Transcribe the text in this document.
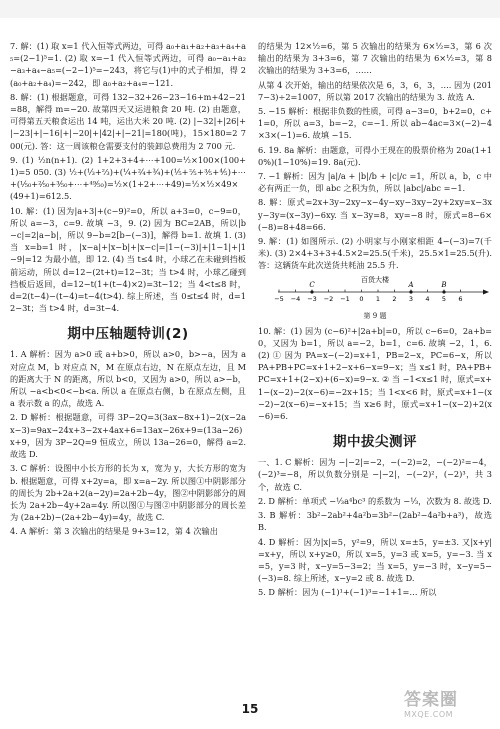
7. 解：(1) 取 x=1 代入恒等式两边，可得 a₀+a₁+a₂+a₃+a₄+a₅=(2−1)⁵=1. (2) 取 x=−1 代入恒等式两边，可得 a₀−a₁+a₂−a₃+a₄−a₅=(−2−1)⁵=−243，将它与(1)中的式子相加，得 2(a₀+a₂+a₄)=−242，即 a₀+a₂+a₄=−121.

8. 解：(1) 根据题意，可得 132−32+26−23−16+m+42−21=88，解得 m=−20. 故第四天又运进粮食 20 吨. (2) 由题意，可得第五天粮食运出 14 吨，运出大米 20 吨. (2) |−32|+|26|+|−23|+|−16|+|−20|+|42|+|−21|=180(吨)，15×180=2 700(元). 答：这一周该粮仓需要支付的装卸总费用为 2 700 元.

9. (1) ½n(n+1). (2) 1+2+3+4+⋯+100=½×100×(100+1)=5 050. (3) ½+(⅓+⅔)+(¼+²⁄₄+¾)+(⅕+⅖+⅗+⅘)+⋯+(¹⁄₅₀+²⁄₅₀+³⁄₅₀+⋯+⁴⁹⁄₅₀)=½×(1+2+⋯+49)=½×½×49×(49+1)=612.5.

10. 解：(1) 因为|a+3|+(c−9)²=0，所以 a+3=0，c−9=0，所以 a=−3，c=9. 故填 −3，9. (2) 因为 BC=2AB，所以|b−c|=2|a−b|，所以 9−b=2[b−(−3)]，解得 b=1. 故填 1. (3) 当 x=b=1 时，|x−a|+|x−b|+|x−c|=|1−(−3)|+|1−1|+|1−9|=12 为最小值，即 12. (4) 当 t≤4 时，小球乙在未碰到挡板前运动，所以 d=12−(2t+t)=12−3t；当 t>4 时，小球乙碰到挡板后返回，d=12−t(1+(t−4)×2)=3t−12；当 4<t≤8 时，d=2(t−4)−(t−4)=t−4(t>4). 综上所述，当 0≤t≤4 时，d=12−3t；当 t>4 时，d=3t−4.

期中压轴题特训(2)

1. A 解析：因为 a>0 或 a+b>0，所以 a>0，b>−a，因为 a 对应点 M，b 对应点 N，M 在原点右边，N 在原点左边，且 M 的距离大于 N 的距离，所以 b<0，又因为 a>0，所以 a>−b，所以 −a<b<0<−b<a. 所以 a 在原点右侧，b 在原点左侧，且 a 表示数 a 的点，故选 A.

2. D 解析：根据题意，可得 3P−2Q=3(3ax−8x+1)−2(x−2ax−3)=9ax−24x+3−2x+4ax+6=13ax−26x+9=(13a−26)x+9，因为 3P−2Q=9 恒成立，所以 13a−26=0，解得 a=2. 故选 D.

3. C 解析：设图中小长方形的长为 x，宽为 y，大长方形的宽为 b. 根据题意，可得 x+2y=a，即 x=a−2y. 所以图①中阴影部分的周长为 2b+2a+2(a−2y)=2a+2b−4y，图②中阴影部分的周长为 2a+2b−4y+2a=4y. 所以图①与图②中阴影部分的周长差为 (2a+2b)−(2a+2b−4y)=4y，故选 C.

4. A 解析：第 3 次输出的结果是 9+3=12，第 4 次输出

的结果为 12×½=6，第 5 次输出的结果为 6×½=3，第 6 次输出的结果为 3+3=6，第 7 次输出的结果为 6×½=3，第 8 次输出的结果为 3+3=6，……

从第 4 次开始，输出的结果依次是 6，3，6，3，…. 因为 (2017−3)÷2=1007，所以第 2017 次输出的结果为 3. 故选 A.

5. −15 解析：根据非负数的性质，可得 a−3=0，b+2=0，c+1=0，所以 a=3，b=−2，c=−1. 所以 ab−4ac=3×(−2)−4×3×(−1)=6. 故填 −15.

6. 19. 8a 解析：由题意，可得小王现在的股票价格为 20a(1+10%)(1−10%)=19. 8a(元).

7. −1 解析：因为 |a|/a + |b|/b + |c|/c =1，所以 a，b，c 中必有两正一负，即 abc 之积为负，所以 |abc|/abc =−1.

8. 解：原式=2x+3y−2xy−x−4y−xy−3xy−2y+2xy=x−3xy−3y=(x−3y)−6xy. 当 x−3y=8，xy=−8 时，原式=8−6×(−8)=8+48=66.

9. 解：(1) 如图所示. (2) 小明家与小刚家相距 4−(−3)=7(千米). (3) 2×4+3+3+4.5×2=25.5(千米)，25.5×1=25.5(升). 答：这辆货车此次送货共耗油 25.5 升.

百货大楼
−5 −4 −3 −2 −1 0 1 2 3 4 5 6
C	A	B

第 9 题

10. 解：(1) 因为 (c−6)²+|2a+b|=0，所以 c−6=0，2a+b=0，又因为 b=1，所以 a=−2，b=1，c=6. 故填 −2，1，6. (2) ① 因为 PA=x−(−2)=x+1，PB=2−x，PC=6−x，所以 PA+PB+PC=x+1+2−x+6−x=9−x；当 x≤1 时，PA+PB+PC=x+1+(2−x)+(6−x)=9−x. ② 当 −1<x≤1 时，原式=x+1−(x−2)−2(x−6)=−2x+15；当 1<x<6 时，原式=x+1−(x−2)−2(x−6)=−x+15；当 x≥6 时，原式=x+1−(x−2)+2(x−6)=6.

期中拔尖测评

一、1. C 解析：因为 −|−2|=−2，−(−2)=2，−(−2)²=−4，(−2)³=−8，所以负数分别是 −|−2|，−(−2)²，(−2)³，共 3 个，故选 C.

2. D 解析：单项式 −⅓a⁴bc³ 的系数为 −⅓，次数为 8. 故选 D.

3. B 解析：3b²−2ab²+4a²b=3b²−(2ab²−4a²b+a³)，故选 B.

4. D 解析：因为|x|=5，y²=9，所以 x=±5，y=±3. 又|x+y|=x+y，所以 x+y≥0，所以 x=5，y=3 或 x=5，y=−3. 当 x=5，y=3 时，x−y=5−3=2；当 x=5，y=−3 时，x−y=5−(−3)=8. 综上所述，x−y=2 或 8. 故选 D.

5. D 解析：因为 (−1)¹+(−1)³=−1+1=… 所以

15	答案圈
MXQE.COM
